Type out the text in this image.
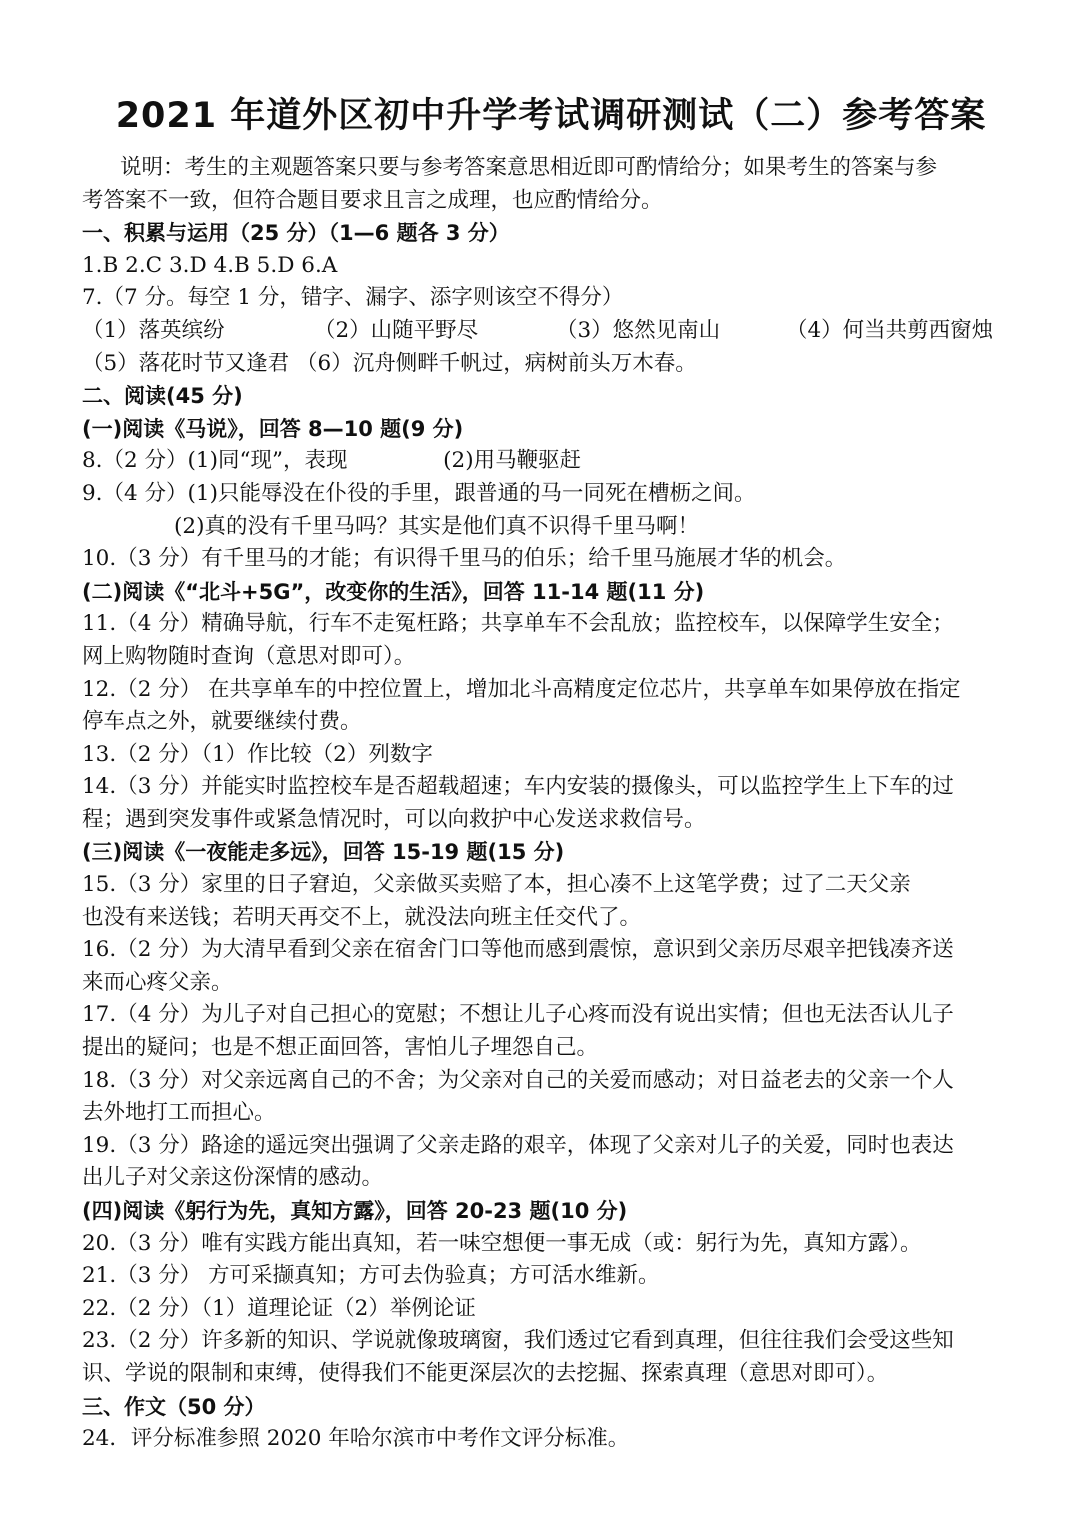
2021 年道外区初中升学考试调研测试（二）参考答案
说明：考生的主观题答案只要与参考答案意思相近即可酌情给分；如果考生的答案与参
考答案不一致，但符合题目要求且言之成理，也应酌情给分。
一、积累与运用（25 分）（1—6 题各 3 分）
1.B 2.C 3.D 4.B 5.D 6.A
7.（7 分。每空 1 分，错字、漏字、添字则该空不得分）
（1）落英缤纷	（2）山随平野尽	（3）悠然见南山	（4）何当共剪西窗烛
（5）落花时节又逢君 （6）沉舟侧畔千帆过，病树前头万木春。
二、阅读(45 分)
(一)阅读《马说》，回答 8—10 题(9 分)
8.（2 分）(1)同“现”，表现              (2)用马鞭驱赶
9.（4 分）(1)只能辱没在仆役的手里，跟普通的马一同死在槽枥之间。
(2)真的没有千里马吗？其实是他们真不识得千里马啊！
10.（3 分）有千里马的才能；有识得千里马的伯乐；给千里马施展才华的机会。
(二)阅读《“北斗+5G”，改变你的生活》，回答 11-14 题(11 分)
11.（4 分）精确导航，行车不走冤枉路；共享单车不会乱放；监控校车，以保障学生安全；
网上购物随时查询（意思对即可）。
12.（2 分） 在共享单车的中控位置上，增加北斗高精度定位芯片，共享单车如果停放在指定
停车点之外，就要继续付费。
13.（2 分）（1）作比较（2）列数字
14.（3 分）并能实时监控校车是否超载超速；车内安装的摄像头，可以监控学生上下车的过
程；遇到突发事件或紧急情况时，可以向救护中心发送求救信号。
(三)阅读《一夜能走多远》，回答 15-19 题(15 分)
15.（3 分）家里的日子窘迫，父亲做买卖赔了本，担心凑不上这笔学费；过了二天父亲
也没有来送钱；若明天再交不上，就没法向班主任交代了。
16.（2 分）为大清早看到父亲在宿舍门口等他而感到震惊，意识到父亲历尽艰辛把钱凑齐送
来而心疼父亲。
17.（4 分）为儿子对自己担心的宽慰；不想让儿子心疼而没有说出实情；但也无法否认儿子
提出的疑问；也是不想正面回答，害怕儿子埋怨自己。
18.（3 分）对父亲远离自己的不舍；为父亲对自己的关爱而感动；对日益老去的父亲一个人
去外地打工而担心。
19.（3 分）路途的遥远突出强调了父亲走路的艰辛，体现了父亲对儿子的关爱，同时也表达
出儿子对父亲这份深情的感动。
(四)阅读《躬行为先，真知方露》，回答 20-23 题(10 分)
20.（3 分）唯有实践方能出真知，若一味空想便一事无成（或：躬行为先，真知方露）。
21.（3 分） 方可采撷真知；方可去伪验真；方可活水维新。
22.（2 分）（1）道理论证（2）举例论证
23.（2 分）许多新的知识、学说就像玻璃窗，我们透过它看到真理，但往往我们会受这些知
识、学说的限制和束缚，使得我们不能更深层次的去挖掘、探索真理（意思对即可）。
三、作文（50 分）
24．评分标准参照 2020 年哈尔滨市中考作文评分标准。
